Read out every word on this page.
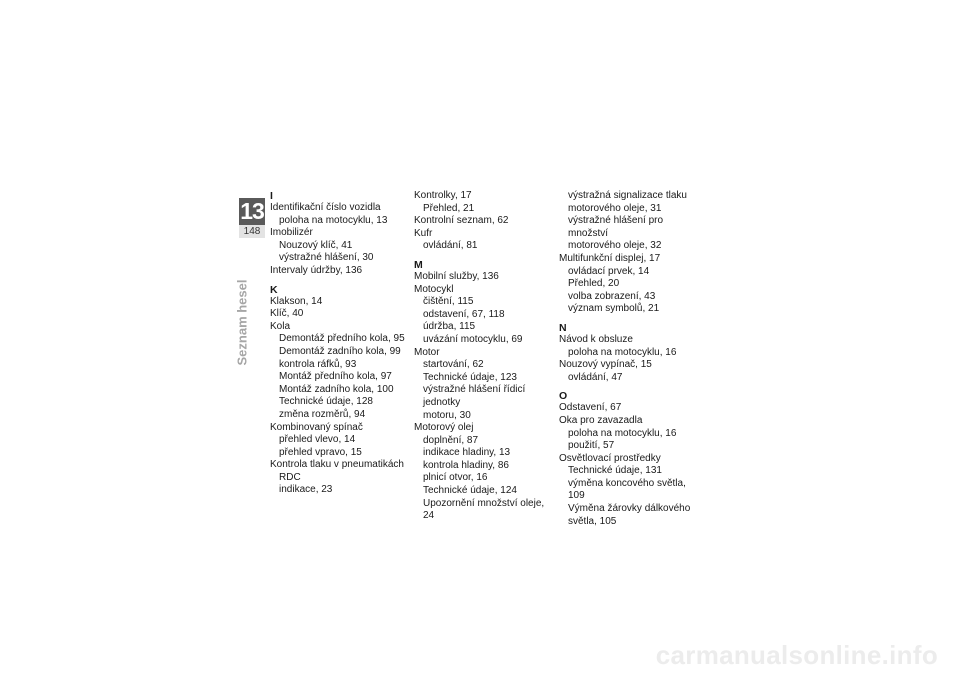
13
148
Seznam hesel
I
Identifikační číslo vozidla
poloha na motocyklu, 13
Imobilizér
Nouzový klíč, 41
výstražné hlášení, 30
Intervaly údržby, 136
K
Klakson, 14
Klíč, 40
Kola
Demontáž předního kola, 95
Demontáž zadního kola, 99
kontrola ráfků, 93
Montáž předního kola, 97
Montáž zadního kola, 100
Technické údaje, 128
změna rozměrů, 94
Kombinovaný spínač
přehled vlevo, 14
přehled vpravo, 15
Kontrola tlaku v pneumatikách
RDC
indikace, 23
Kontrolky, 17
Přehled, 21
Kontrolní seznam, 62
Kufr
ovládání, 81
M
Mobilní služby, 136
Motocykl
čištění, 115
odstavení, 67, 118
údržba, 115
uvázání motocyklu, 69
Motor
startování, 62
Technické údaje, 123
výstražné hlášení řídicí jednotky
motoru, 30
Motorový olej
doplnění, 87
indikace hladiny, 13
kontrola hladiny, 86
plnicí otvor, 16
Technické údaje, 124
Upozornění množství oleje, 24
výstražná signalizace tlaku
motorového oleje, 31
výstražné hlášení pro množství
motorového oleje, 32
Multifunkční displej, 17
ovládací prvek, 14
Přehled, 20
volba zobrazení, 43
význam symbolů, 21
N
Návod k obsluze
poloha na motocyklu, 16
Nouzový vypínač, 15
ovládání, 47
O
Odstavení, 67
Oka pro zavazadla
poloha na motocyklu, 16
použití, 57
Osvětlovací prostředky
Technické údaje, 131
výměna koncového světla, 109
Výměna žárovky dálkového
světla, 105
carmanualsonline.info
